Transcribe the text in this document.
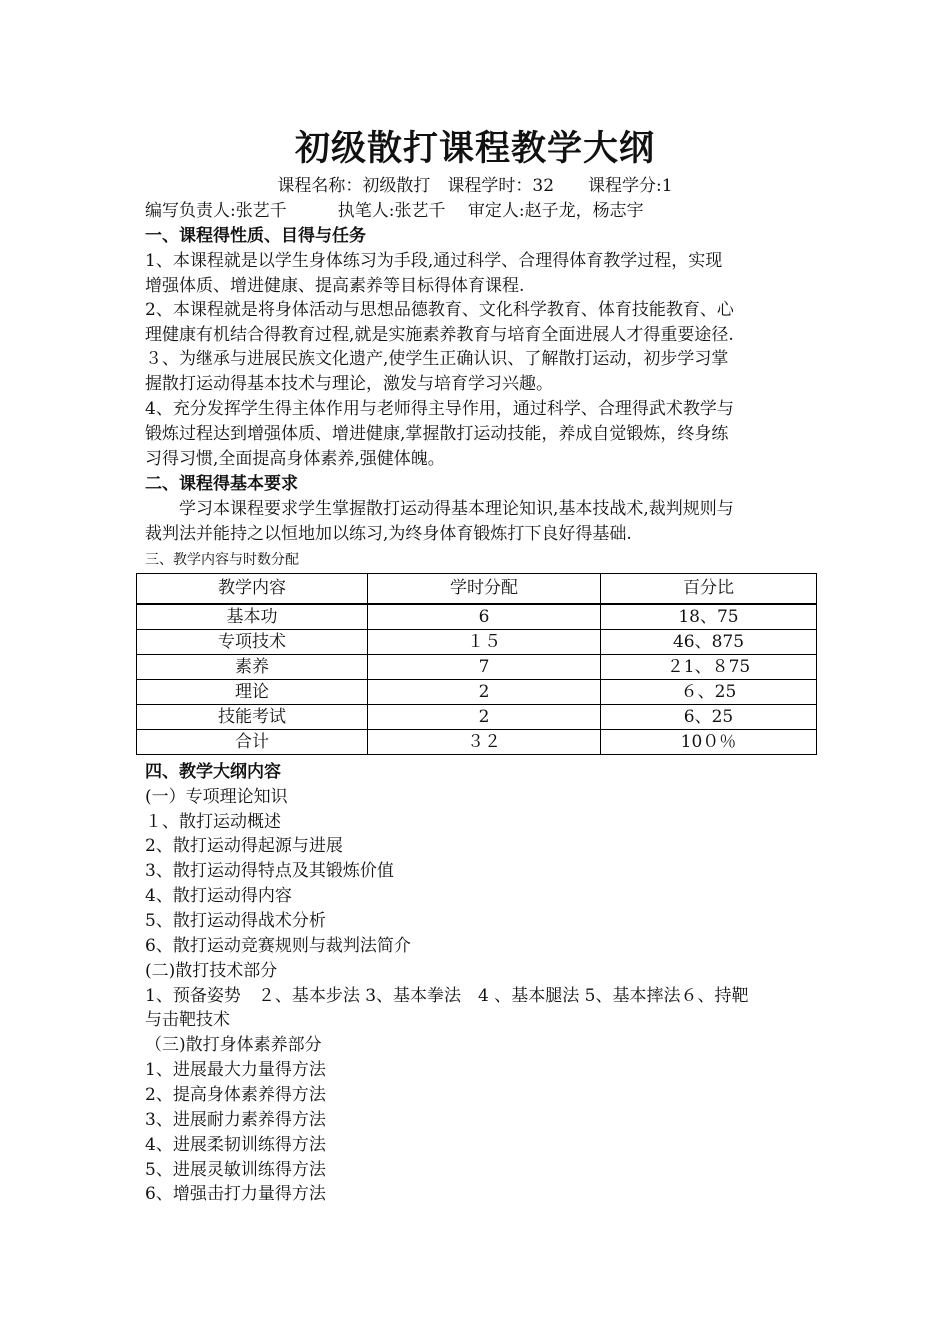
初级散打课程教学大纲
课程名称：初级散打　课程学时：32　　课程学分:1
编写负责人:张艺千　　　执笔人:张艺千　 审定人:赵子龙，杨志宇
一、课程得性质、目得与任务
1、本课程就是以学生身体练习为手段,通过科学、合理得体育教学过程，实现
增强体质、增进健康、提高素养等目标得体育课程.
2、本课程就是将身体活动与思想品德教育、文化科学教育、体育技能教育、心
理健康有机结合得教育过程,就是实施素养教育与培育全面进展人才得重要途径.
３、为继承与进展民族文化遗产,使学生正确认识、了解散打运动，初步学习掌
握散打运动得基本技术与理论，激发与培育学习兴趣。
4、充分发挥学生得主体作用与老师得主导作用，通过科学、合理得武术教学与
锻炼过程达到增强体质、增进健康,掌握散打运动技能，养成自觉锻炼，终身练
习得习惯,全面提高身体素养,强健体魄。
二、课程得基本要求
　　学习本课程要求学生掌握散打运动得基本理论知识,基本技战术,裁判规则与
裁判法并能持之以恒地加以练习,为终身体育锻炼打下良好得基础.
三、教学内容与时数分配
教学内容	学时分配	百分比
基本功	6	18、75
专项技术	１５	46、875
素养	7	２1、８75
理论	2	６、25
技能考试	2	6、25
合计	３２	10０％
四、教学大纲内容
(一）专项理论知识
１、散打运动概述
2、散打运动得起源与进展
3、散打运动得特点及其锻炼价值
4、散打运动得内容
5、散打运动得战术分析
6、散打运动竞赛规则与裁判法简介
(二)散打技术部分
1、预备姿势　２、基本步法 3、基本拳法　4 、基本腿法 5、基本摔法６、持靶
与击靶技术
（三)散打身体素养部分
1、进展最大力量得方法
2、提高身体素养得方法
3、进展耐力素养得方法
4、进展柔韧训练得方法
5、进展灵敏训练得方法
6、增强击打力量得方法
